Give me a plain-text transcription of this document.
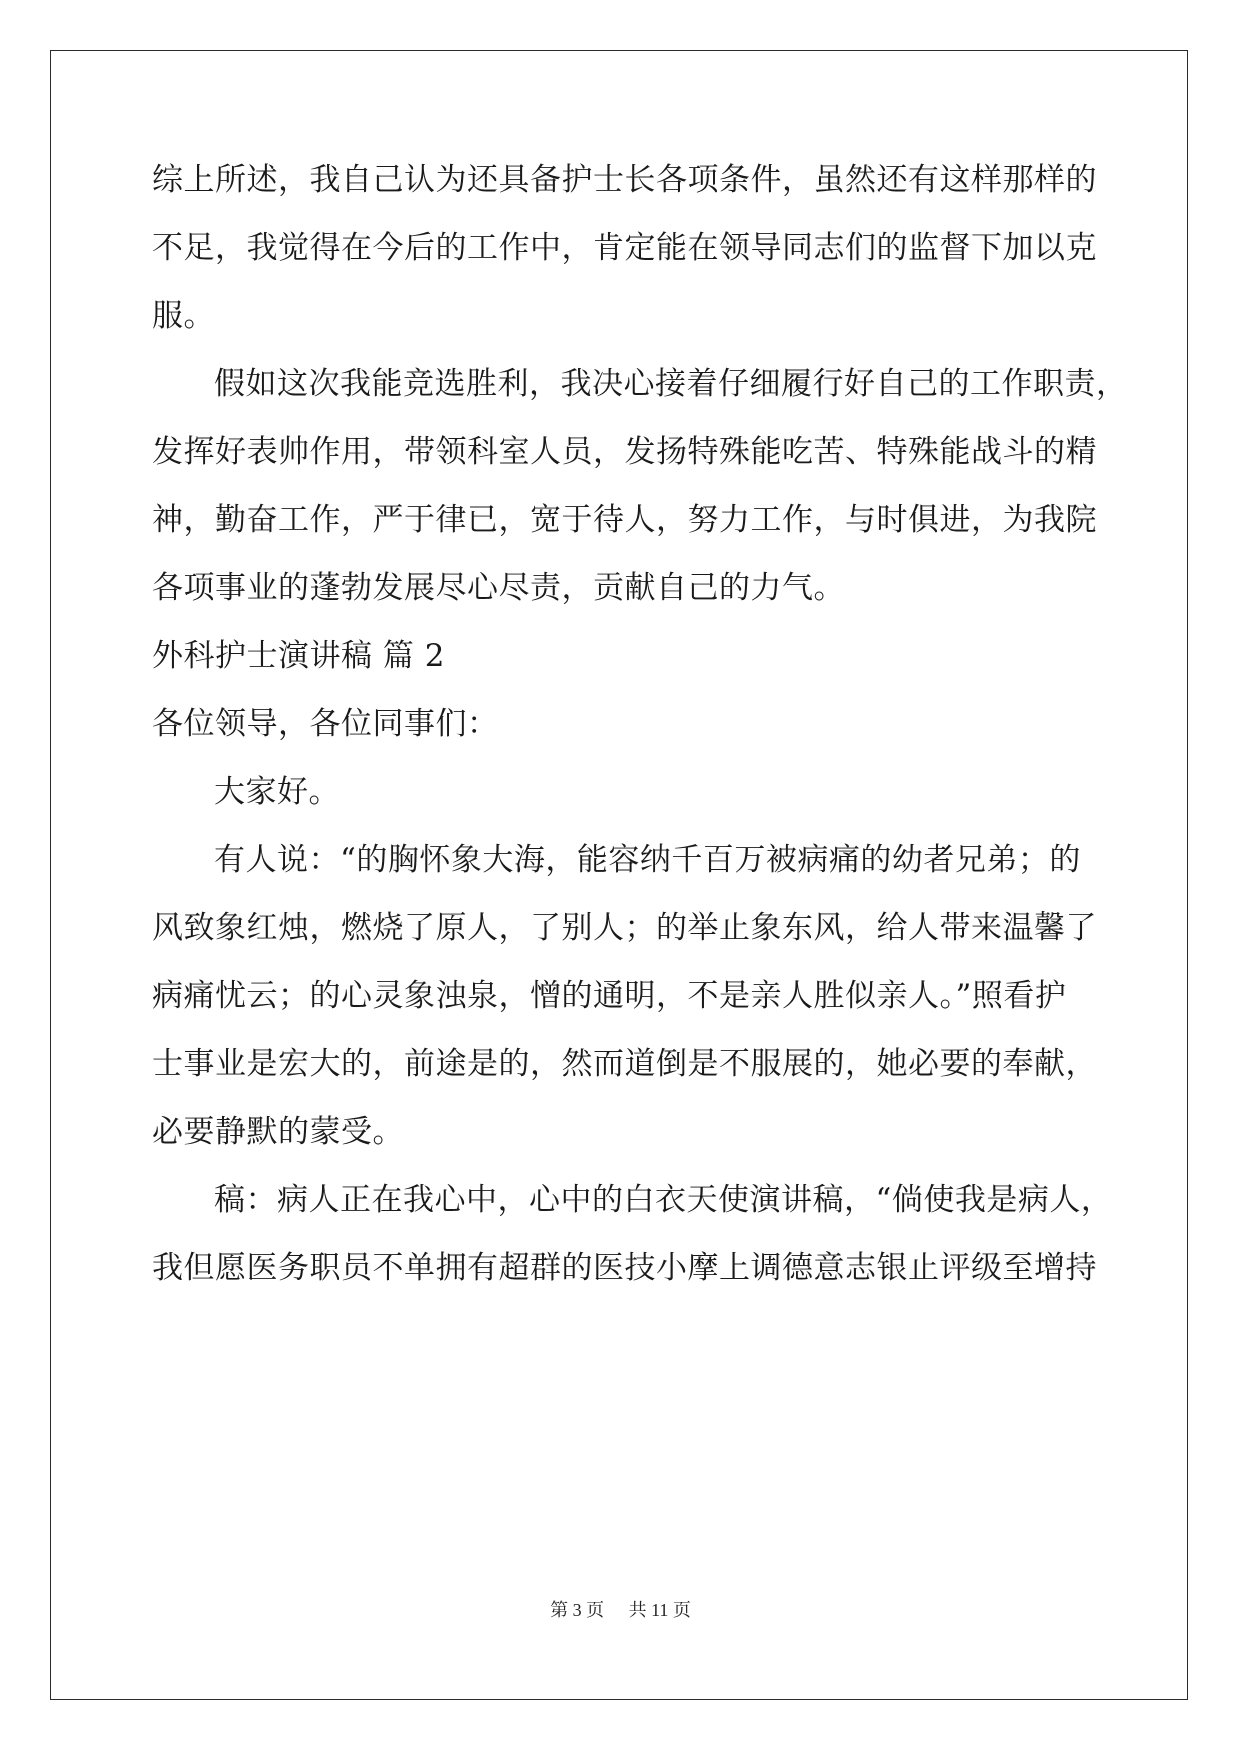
综上所述，我自己认为还具备护士长各项条件，虽然还有这样那样的
不足，我觉得在今后的工作中，肯定能在领导同志们的监督下加以克
服。
假如这次我能竞选胜利，我决心接着仔细履行好自己的工作职责，
发挥好表帅作用，带领科室人员，发扬特殊能吃苦、特殊能战斗的精
神，勤奋工作，严于律已，宽于待人，努力工作，与时俱进，为我院
各项事业的蓬勃发展尽心尽责，贡献自己的力气。
外科护士演讲稿 篇 2
各位领导，各位同事们：
大家好。
有人说：“的胸怀象大海，能容纳千百万被病痛的幼者兄弟；的
风致象红烛，燃烧了原人，了别人；的举止象东风，给人带来温馨了
病痛忧云；的心灵象浊泉，憎的通明，不是亲人胜似亲人。”照看护
士事业是宏大的，前途是的，然而道倒是不服展的，她必要的奉献，
必要静默的蒙受。
稿：病人正在我心中，心中的白衣天使演讲稿，“倘使我是病人，
我但愿医务职员不单拥有超群的医技小摩上调德意志银止评级至增持
第 3 页 共 11 页
